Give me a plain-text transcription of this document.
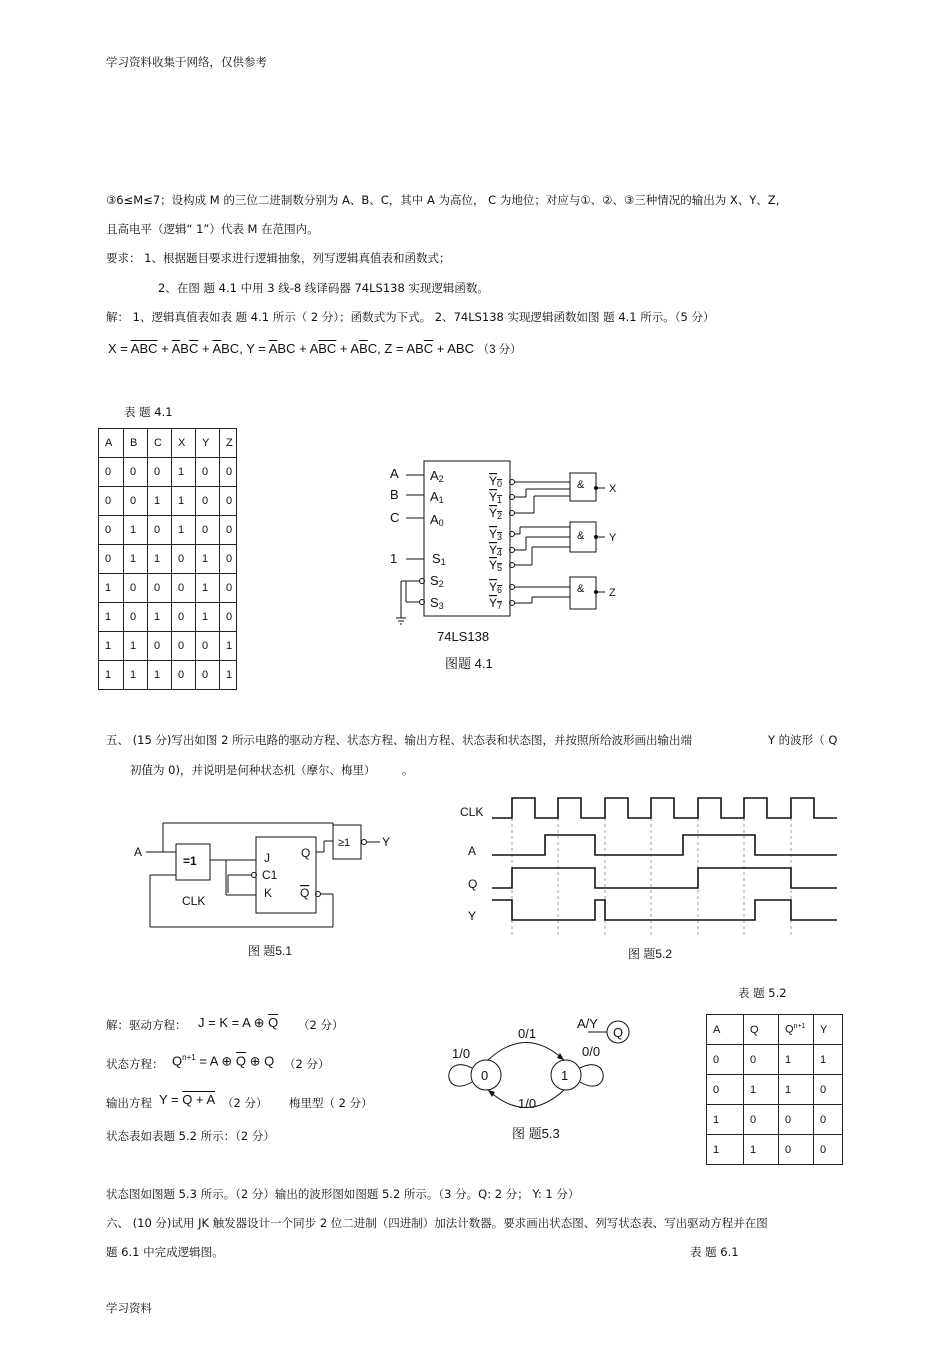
学习资料收集于网络，仅供参考
③6≤M≤7；设构成 M 的三位二进制数分别为 A、B、C，其中 A 为高位， C 为地位；对应与①、②、③三种情况的输出为 X、Y、Z,
且高电平（逻辑“ 1”）代表 M 在范围内。
要求： 1、根据题目要求进行逻辑抽象，列写逻辑真值表和函数式；
2、在图 题 4.1 中用 3 线-8 线译码器 74LS138 实现逻辑函数。
解： 1、逻辑真值表如表 题 4.1 所示（ 2 分）；函数式为下式。 2、74LS138 实现逻辑函数如图 题 4.1 所示。（5 分）
$X = \overline{A}\overline{B}\overline{C} + \overline{A}B\overline{C} + \overline{A}BC$, $Y = \overline{A}BC + A\overline{B}\overline{C} + A\overline{B}C$, $Z = AB\overline{C}$ + ABC （3 分）
表 题 4.1
A	B	C	X	Y	Z
0	0	0	1	0	0
0	0	1	1	0	0
0	1	0	1	0	0
0	1	1	0	1	0
1	0	0	0	1	0
1	0	1	0	1	0
1	1	0	0	0	1
1	1	1	0	0	1
A
B
C
1
A2
A1
A0
S1
S2
S3
Y0
Y1
Y2
Y3
Y4
Y5
Y6
Y7
&
&
&
X
Y
Z
74LS138
图题 4.1
五、 (15 分)写出如图 2 所示电路的驱动方程、状态方程、输出方程、状态表和状态图，并按照所给波形画出输出端	Y 的波形（ Q
初值为 0)，并说明是何种状态机（摩尔、梅里） 。
A
=1
CLK
J
C1
K
Q
Q
≥1	Y
图 题5.1
CLK
A
Q
Y
图 题5.2
解：驱动方程： J = K = A ⊕ $\overline{Q}$ （2 分）
状态方程： $Q^{n+1} = A$ ⊕ $\overline{Q}$ ⊕ Q （2 分）
输出方程 Y = Q + A （2 分） 梅里型（ 2 分）
状态表如表题 5.2 所示：（2 分）
0	1
0/1
1/0	0/0
1/0
A/Y
Q
图 题5.3
表 题 5.2
A	Q	$Q^{n+1}$	Y
0	0	1	1
0	1	1	0
1	0	0	0
1	1	0	0
状态图如图题 5.3 所示。（2 分）输出的波形图如图题 5.2 所示。（3 分。Q: 2 分； Y: 1 分）
六、 (10 分)试用 JK 触发器设计一个同步 2 位二进制（四进制）加法计数器。要求画出状态图、列写状态表、写出驱动方程并在图
题 6.1 中完成逻辑图。	表 题 6.1
学习资料
